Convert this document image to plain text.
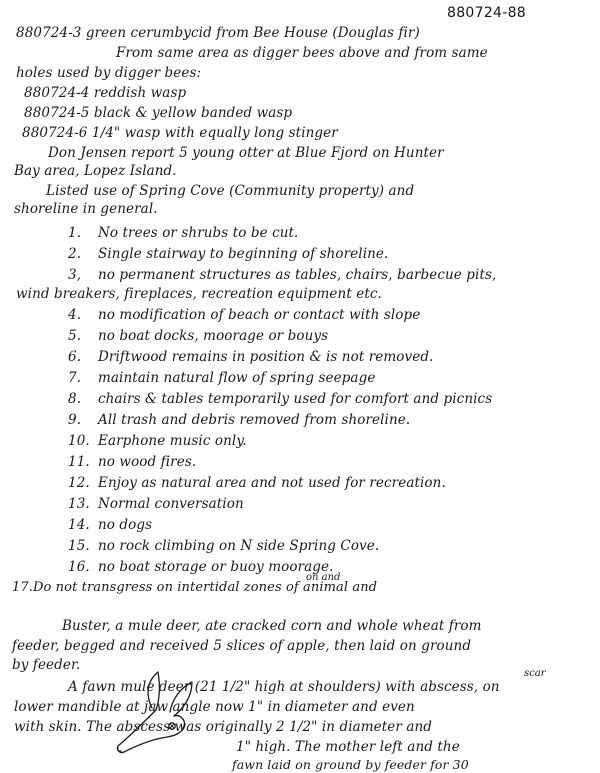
880724-88
880724-3 green cerumbycid from Bee House (Douglas fir)
From same area as digger bees above and from same
holes used by digger bees:
880724-4 reddish wasp
880724-5 black & yellow banded wasp
880724-6 1/4" wasp with equally long stinger
Don Jensen report 5 young otter at Blue Fjord on Hunter
Bay area, Lopez Island.
Listed use of Spring Cove (Community property) and
shoreline in general.
1. No trees or shrubs to be cut.
2. Single stairway to beginning of shoreline.
3, no permanent structures as tables, chairs, barbecue pits,
wind breakers, fireplaces, recreation equipment etc.
4. no modification of beach or contact with slope
5. no boat docks, moorage or bouys
6. Driftwood remains in position & is not removed.
7. maintain natural flow of spring seepage
8. chairs & tables temporarily used for comfort and picnics
9. All trash and debris removed from shoreline.
10. Earphone music only.
11. no wood fires.
12. Enjoy as natural area and not used for recreation.
13. Normal conversation
14. no dogs
15. no rock climbing on N side Spring Cove.
16. no boat storage or buoy moorage.
on and
17.Do not transgress on intertidal zones of animal and
Buster, a mule deer, ate cracked corn and whole wheat from
feeder, begged and received 5 slices of apple, then laid on ground
by feeder.
scar
A fawn mule deer (21 1/2" high at shoulders) with abscess, on
lower mandible at jaw angle now 1" in diameter and even
with skin. The abscess was originally 2 1/2" in diameter and
1" high. The mother left and the
fawn laid on ground by feeder for 30
